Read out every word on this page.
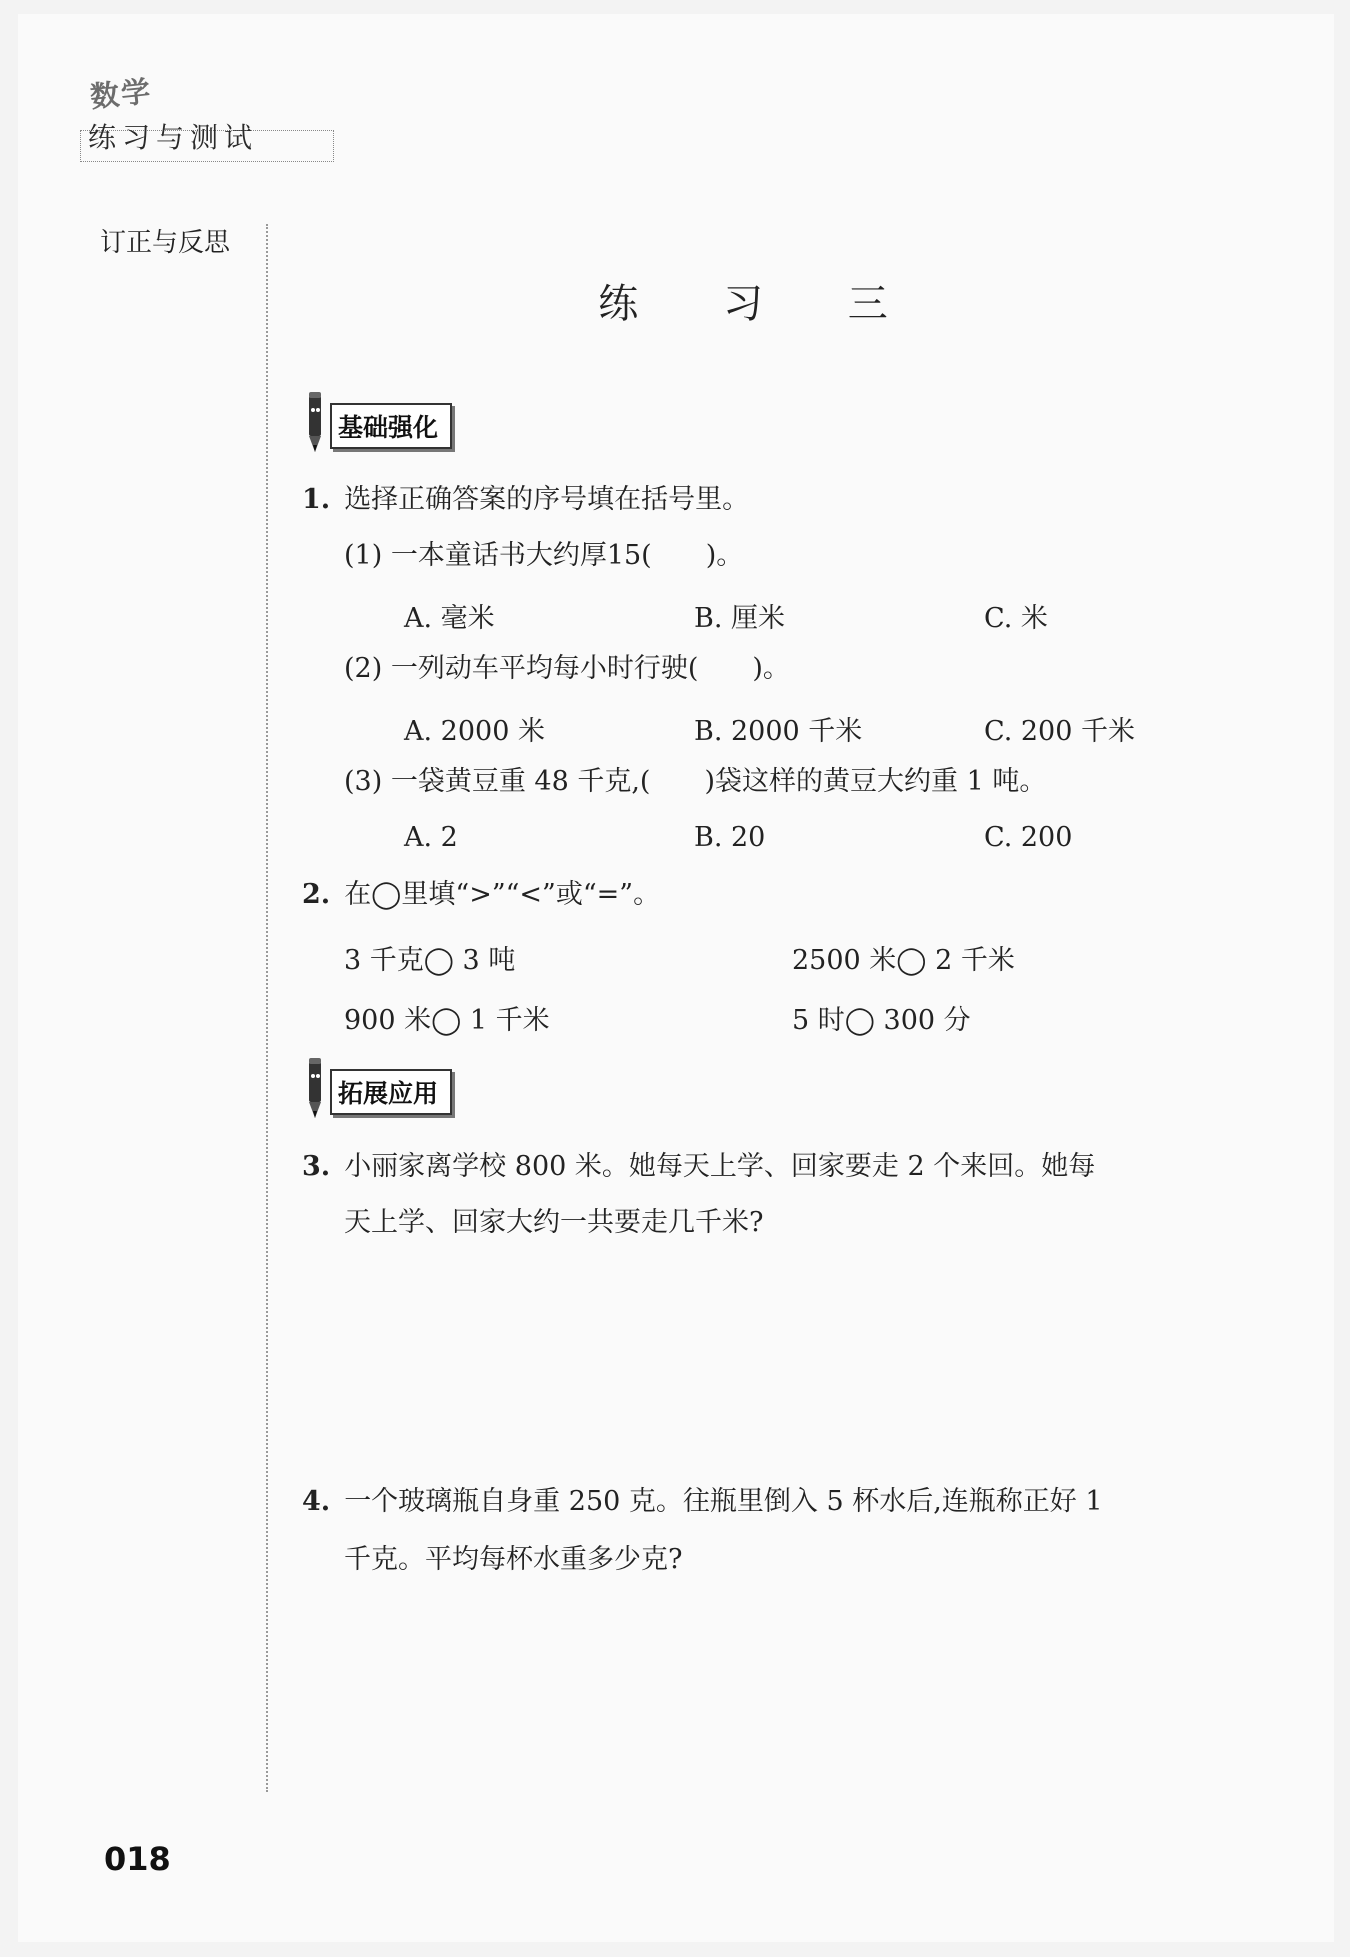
数学
练习与测试
订正与反思
练 习 三
基础强化
1. 选择正确答案的序号填在括号里。
(1) 一本童话书大约厚15(　　)。
A. 毫米	B. 厘米	C. 米
(2) 一列动车平均每小时行驶(　　)。
A. 2000 米	B. 2000 千米	C. 200 千米
(3) 一袋黄豆重 48 千克,(　　)袋这样的黄豆大约重 1 吨。
A. 2	B. 20	C. 200
2. 在◯里填“>”“<”或“=”。
3 千克◯ 3 吨	2500 米◯ 2 千米
900 米◯ 1 千米	5 时◯ 300 分
拓展应用
3. 小丽家离学校 800 米。她每天上学、回家要走 2 个来回。她每
天上学、回家大约一共要走几千米?
4. 一个玻璃瓶自身重 250 克。往瓶里倒入 5 杯水后,连瓶称正好 1
千克。平均每杯水重多少克?
018
